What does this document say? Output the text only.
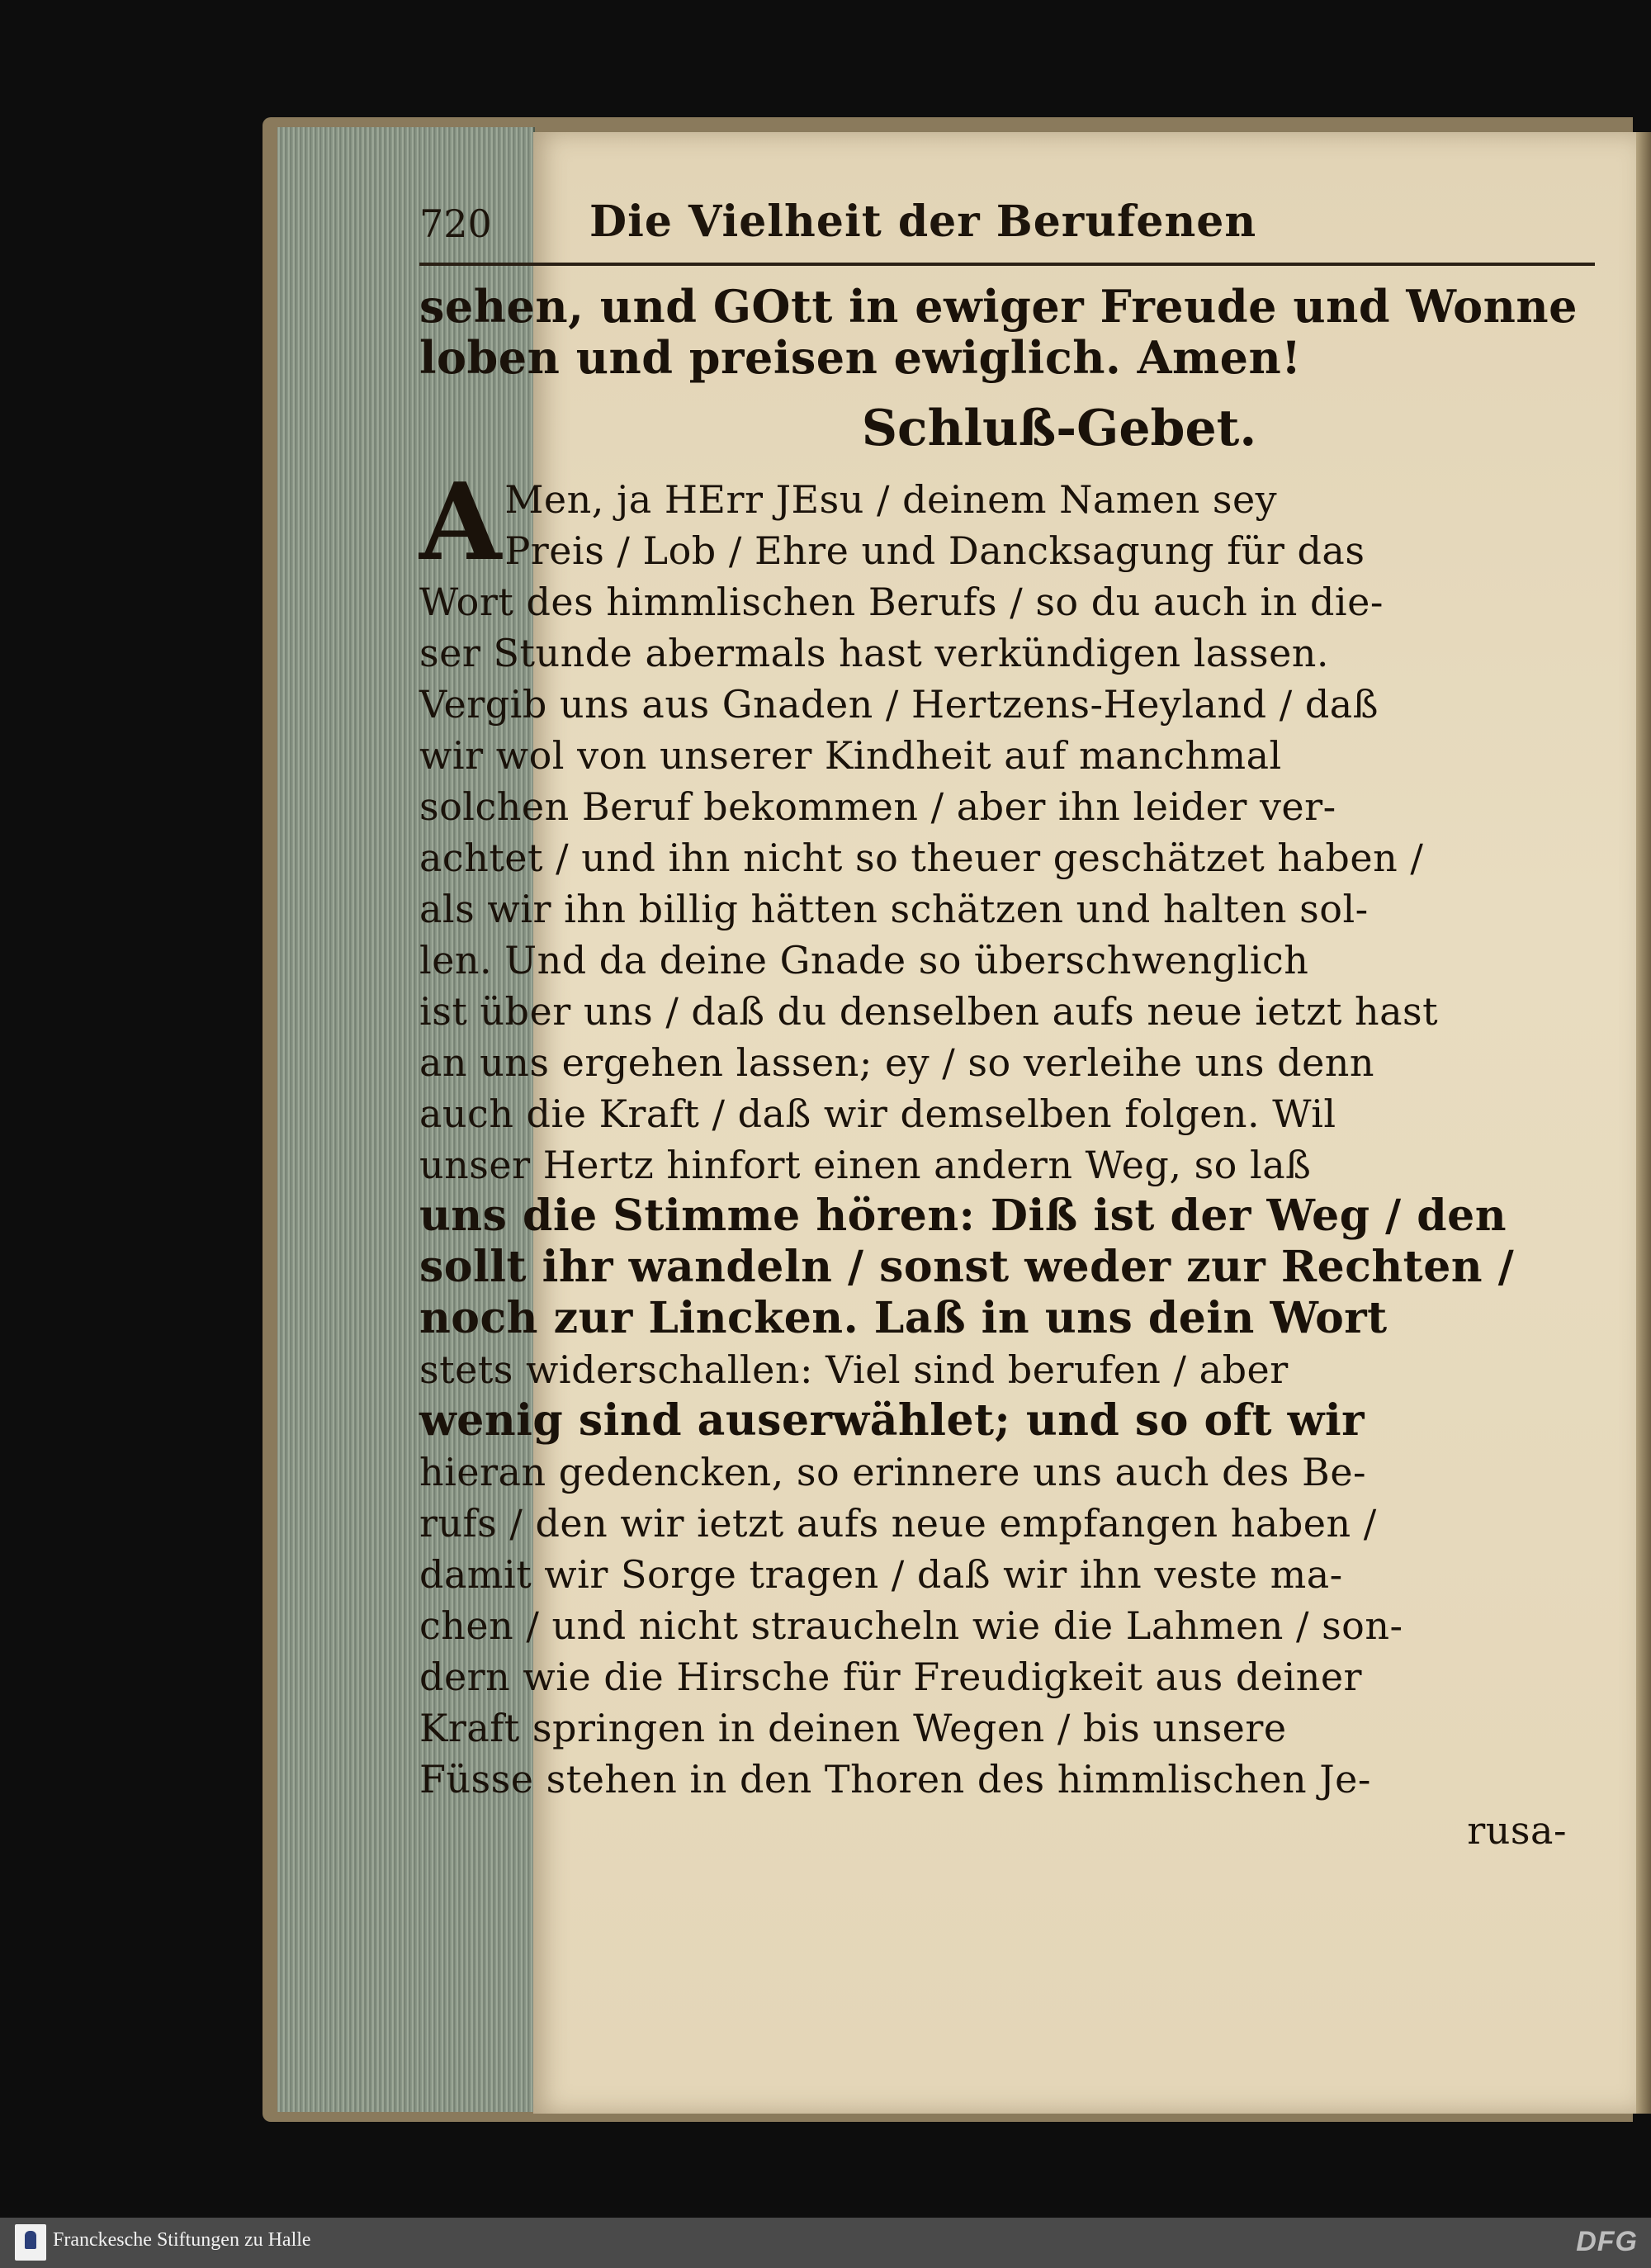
720 Die Vielheit der Berufenen
sehen, und GOtt in ewiger Freude und Wonne
loben und preisen ewiglich. Amen!
Schluß-Gebet.
A Men, ja HErr JEsu / deinem Namen sey
Preis / Lob / Ehre und Dancksagung für das
Wort des himmlischen Berufs / so du auch in die-
ser Stunde abermals hast verkündigen lassen.
Vergib uns aus Gnaden / Hertzens-Heyland / daß
wir wol von unserer Kindheit auf manchmal
solchen Beruf bekommen / aber ihn leider ver-
achtet / und ihn nicht so theuer geschätzet haben /
als wir ihn billig hätten schätzen und halten sol-
len. Und da deine Gnade so überschwenglich
ist über uns / daß du denselben aufs neue ietzt hast
an uns ergehen lassen; ey / so verleihe uns denn
auch die Kraft / daß wir demselben folgen. Wil
unser Hertz hinfort einen andern Weg, so laß
uns die Stimme hören: Diß ist der Weg / den
sollt ihr wandeln / sonst weder zur Rechten /
noch zur Lincken. Laß in uns dein Wort
stets widerschallen: Viel sind berufen / aber
wenig sind auserwählet; und so oft wir
hieran gedencken, so erinnere uns auch des Be-
rufs / den wir ietzt aufs neue empfangen haben /
damit wir Sorge tragen / daß wir ihn veste ma-
chen / und nicht straucheln wie die Lahmen / son-
dern wie die Hirsche für Freudigkeit aus deiner
Kraft springen in deinen Wegen / bis unsere
Füsse stehen in den Thoren des himmlischen Je-
rusa-
Franckesche Stiftungen zu Halle	DFG
